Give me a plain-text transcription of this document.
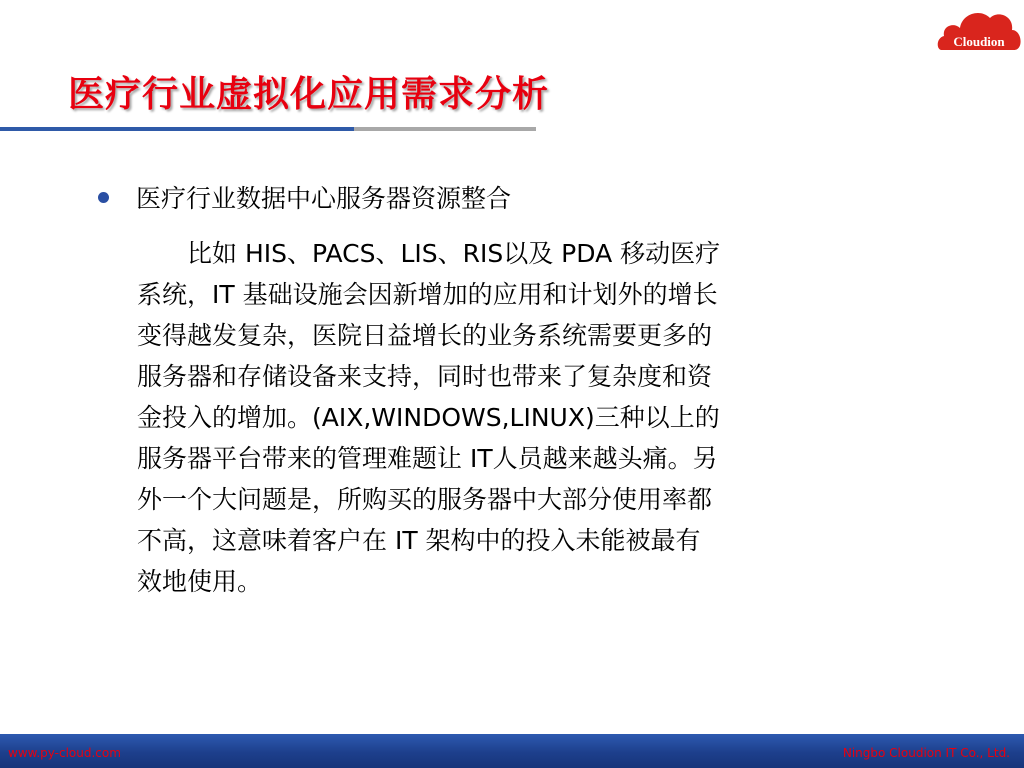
Cloudion
医疗行业虚拟化应用需求分析
医疗行业数据中心服务器资源整合
比如 HIS、PACS、LIS、RIS以及 PDA 移动医疗
系统，IT 基础设施会因新增加的应用和计划外的增长
变得越发复杂，医院日益增长的业务系统需要更多的
服务器和存储设备来支持，同时也带来了复杂度和资
金投入的增加。(AIX,WINDOWS,LINUX)三种以上的
服务器平台带来的管理难题让 IT人员越来越头痛。另
外一个大问题是，所购买的服务器中大部分使用率都
不高，这意味着客户在 IT 架构中的投入未能被最有
效地使用。
www.py-cloud.com	Ningbo Cloudion IT Co., Ltd.
